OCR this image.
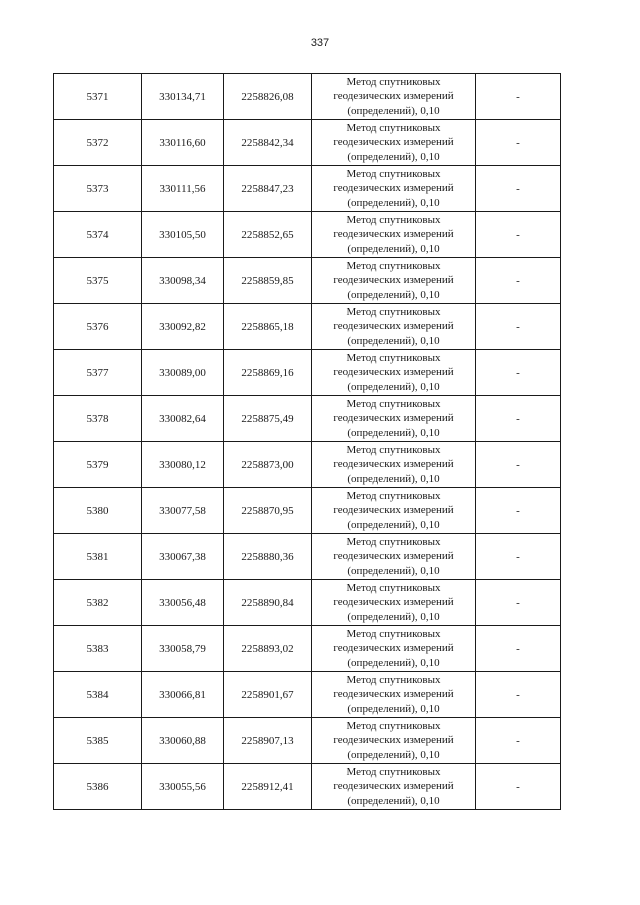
337
5371	330134,71	2258826,08	Метод спутниковых
геодезических измерений
(определений), 0,10	-
5372	330116,60	2258842,34	Метод спутниковых
геодезических измерений
(определений), 0,10	-
5373	330111,56	2258847,23	Метод спутниковых
геодезических измерений
(определений), 0,10	-
5374	330105,50	2258852,65	Метод спутниковых
геодезических измерений
(определений), 0,10	-
5375	330098,34	2258859,85	Метод спутниковых
геодезических измерений
(определений), 0,10	-
5376	330092,82	2258865,18	Метод спутниковых
геодезических измерений
(определений), 0,10	-
5377	330089,00	2258869,16	Метод спутниковых
геодезических измерений
(определений), 0,10	-
5378	330082,64	2258875,49	Метод спутниковых
геодезических измерений
(определений), 0,10	-
5379	330080,12	2258873,00	Метод спутниковых
геодезических измерений
(определений), 0,10	-
5380	330077,58	2258870,95	Метод спутниковых
геодезических измерений
(определений), 0,10	-
5381	330067,38	2258880,36	Метод спутниковых
геодезических измерений
(определений), 0,10	-
5382	330056,48	2258890,84	Метод спутниковых
геодезических измерений
(определений), 0,10	-
5383	330058,79	2258893,02	Метод спутниковых
геодезических измерений
(определений), 0,10	-
5384	330066,81	2258901,67	Метод спутниковых
геодезических измерений
(определений), 0,10	-
5385	330060,88	2258907,13	Метод спутниковых
геодезических измерений
(определений), 0,10	-
5386	330055,56	2258912,41	Метод спутниковых
геодезических измерений
(определений), 0,10	-
